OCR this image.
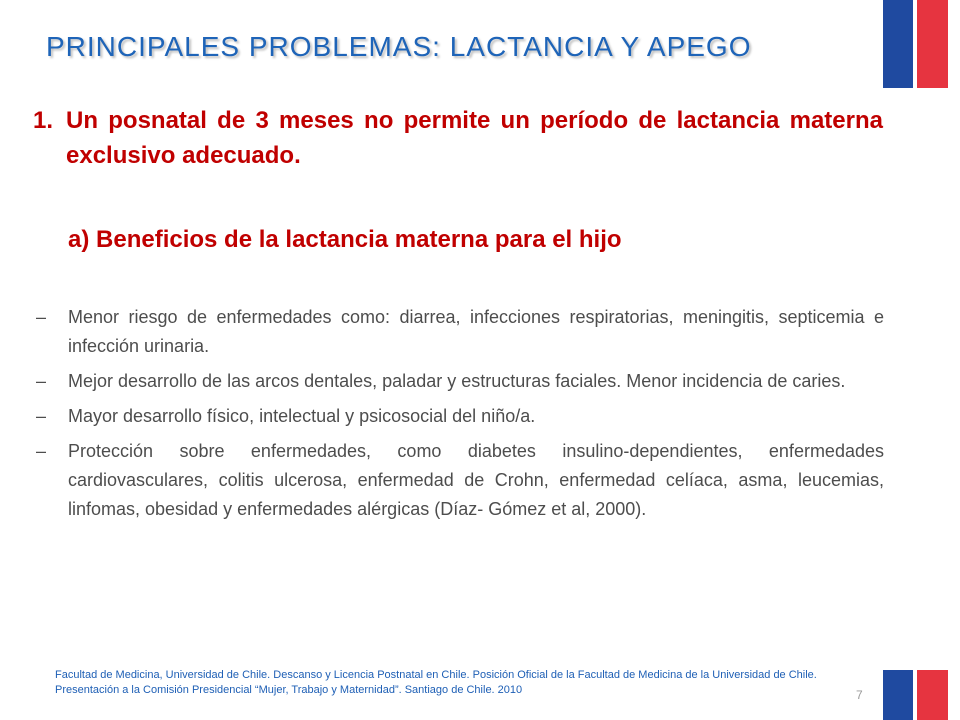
PRINCIPALES PROBLEMAS: LACTANCIA Y APEGO
1. Un posnatal de 3 meses no permite un período de lactancia materna exclusivo adecuado.
a) Beneficios de la lactancia materna para el hijo
–	Menor riesgo de enfermedades como: diarrea, infecciones respiratorias, meningitis, septicemia e infección urinaria.
–	Mejor desarrollo de las arcos dentales, paladar y estructuras faciales. Menor incidencia de caries.
–	Mayor desarrollo físico, intelectual y psicosocial del niño/a.
–	Protección sobre enfermedades, como diabetes insulino-dependientes, enfermedades cardiovasculares, colitis ulcerosa, enfermedad de Crohn, enfermedad celíaca, asma, leucemias, linfomas, obesidad y enfermedades alérgicas (Díaz- Gómez et al, 2000).
Facultad de Medicina, Universidad de Chile. Descanso y Licencia Postnatal en Chile. Posición Oficial de la Facultad de Medicina de la Universidad de Chile. Presentación a la Comisión Presidencial “Mujer, Trabajo y Maternidad”. Santiago de Chile. 2010	7
